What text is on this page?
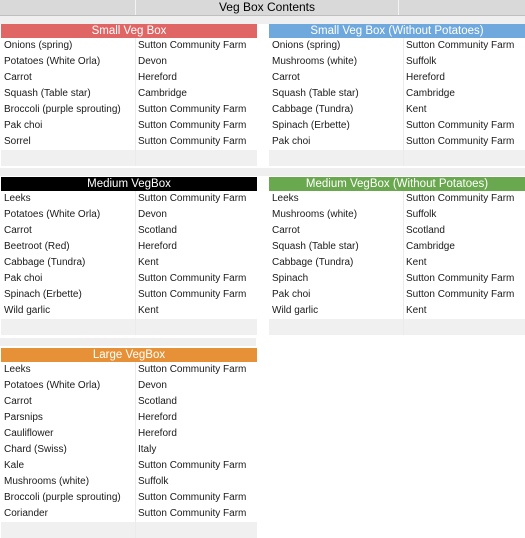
Veg Box Contents
Small Veg Box
Onions (spring)	Sutton Community Farm
Potatoes (White Orla)	Devon
Carrot	Hereford
Squash (Table star)	Cambridge
Broccoli (purple sprouting)	Sutton Community Farm
Pak choi	Sutton Community Farm
Sorrel	Sutton Community Farm
Small Veg Box (Without Potatoes)
Onions (spring)	Sutton Community Farm
Mushrooms (white)	Suffolk
Carrot	Hereford
Squash (Table star)	Cambridge
Cabbage (Tundra)	Kent
Spinach (Erbette)	Sutton Community Farm
Pak choi	Sutton Community Farm
Medium VegBox
Leeks	Sutton Community Farm
Potatoes (White Orla)	Devon
Carrot	Scotland
Beetroot (Red)	Hereford
Cabbage (Tundra)	Kent
Pak choi	Sutton Community Farm
Spinach (Erbette)	Sutton Community Farm
Wild garlic	Kent
Medium VegBox (Without Potatoes)
Leeks	Sutton Community Farm
Mushrooms (white)	Suffolk
Carrot	Scotland
Squash (Table star)	Cambridge
Cabbage (Tundra)	Kent
Spinach	Sutton Community Farm
Pak choi	Sutton Community Farm
Wild garlic	Kent
Large VegBox
Leeks	Sutton Community Farm
Potatoes (White Orla)	Devon
Carrot	Scotland
Parsnips	Hereford
Cauliflower	Hereford
Chard (Swiss)	Italy
Kale	Sutton Community Farm
Mushrooms (white)	Suffolk
Broccoli (purple sprouting)	Sutton Community Farm
Coriander	Sutton Community Farm
